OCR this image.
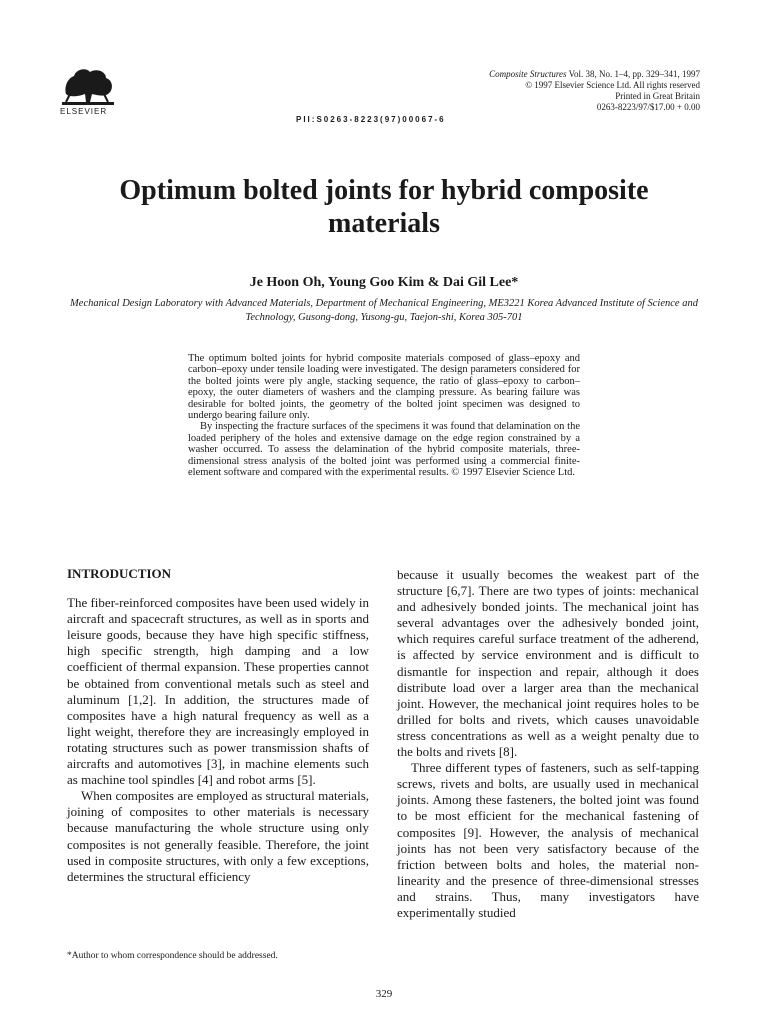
ELSEVIER
Composite Structures Vol. 38, No. 1–4, pp. 329–341, 1997
© 1997 Elsevier Science Ltd. All rights reserved
Printed in Great Britain
0263-8223/97/$17.00 + 0.00
PII:S0263-8223(97)00067-6
Optimum bolted joints for hybrid composite materials
Je Hoon Oh, Young Goo Kim & Dai Gil Lee*
Mechanical Design Laboratory with Advanced Materials, Department of Mechanical Engineering, ME3221 Korea Advanced Institute of Science and Technology, Gusong-dong, Yusong-gu, Taejon-shi, Korea 305-701

The optimum bolted joints for hybrid composite materials composed of glass–epoxy and carbon–epoxy under tensile loading were investigated. The design parameters considered for the bolted joints were ply angle, stacking sequence, the ratio of glass–epoxy to carbon–epoxy, the outer diameters of washers and the clamping pressure. As bearing failure was desirable for bolted joints, the geometry of the bolted joint specimen was designed to undergo bearing failure only.

By inspecting the fracture surfaces of the specimens it was found that delamination on the loaded periphery of the holes and extensive damage on the edge region constrained by a washer occurred. To assess the delamination of the hybrid composite materials, three-dimensional stress analysis of the bolted joint was performed using a commercial finite-element software and compared with the experimental results. © 1997 Elsevier Science Ltd.

INTRODUCTION

The fiber-reinforced composites have been used widely in aircraft and spacecraft structures, as well as in sports and leisure goods, because they have high specific stiffness, high specific strength, high damping and a low coefficient of thermal expansion. These properties cannot be obtained from conventional metals such as steel and aluminum [1,2]. In addition, the structures made of composites have a high natural frequency as well as a light weight, therefore they are increasingly employed in rotating structures such as power transmission shafts of aircrafts and automotives [3], in machine elements such as machine tool spindles [4] and robot arms [5].

When composites are employed as structural materials, joining of composites to other materials is necessary because manufacturing the whole structure using only composites is not generally feasible. Therefore, the joint used in composite structures, with only a few exceptions, determines the structural efficiency

because it usually becomes the weakest part of the structure [6,7]. There are two types of joints: mechanical and adhesively bonded joints. The mechanical joint has several advantages over the adhesively bonded joint, which requires careful surface treatment of the adherend, is affected by service environment and is difficult to dismantle for inspection and repair, although it does distribute load over a larger area than the mechanical joint. However, the mechanical joint requires holes to be drilled for bolts and rivets, which causes unavoidable stress concentrations as well as a weight penalty due to the bolts and rivets [8].

Three different types of fasteners, such as self-tapping screws, rivets and bolts, are usually used in mechanical joints. Among these fasteners, the bolted joint was found to be most efficient for the mechanical fastening of composites [9]. However, the analysis of mechanical joints has not been very satisfactory because of the friction between bolts and holes, the material non-linearity and the presence of three-dimensional stresses and strains. Thus, many investigators have experimentally studied

*Author to whom correspondence should be addressed.
329
